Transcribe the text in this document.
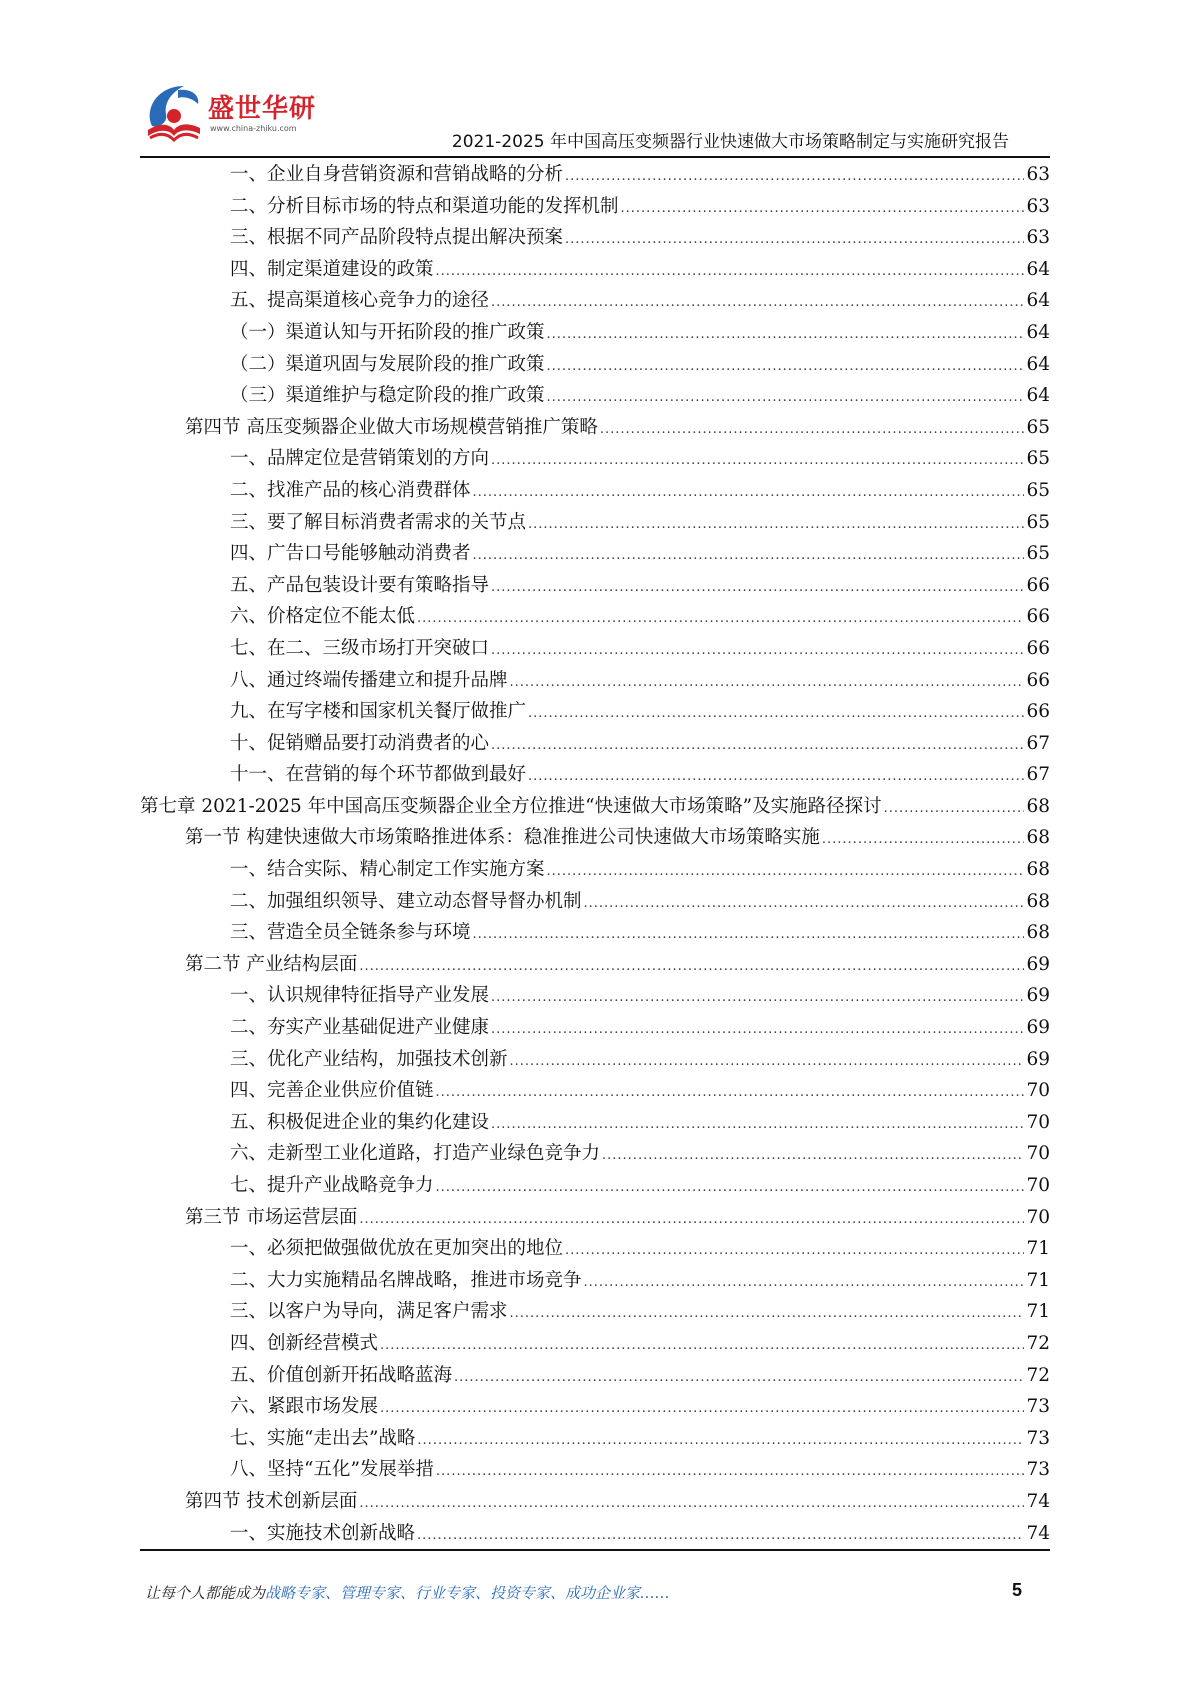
盛世华研
www.china-zhiku.com
2021-2025 年中国高压变频器行业快速做大市场策略制定与实施研究报告
一、企业自身营销资源和营销战略的分析 .....	63
二、分析目标市场的特点和渠道功能的发挥机制 .....	63
三、根据不同产品阶段特点提出解决预案 .....	63
四、制定渠道建设的政策 .....	64
五、提高渠道核心竞争力的途径 .....	64
（一）渠道认知与开拓阶段的推广政策 .....	64
（二）渠道巩固与发展阶段的推广政策 .....	64
（三）渠道维护与稳定阶段的推广政策 .....	64
第四节 高压变频器企业做大市场规模营销推广策略 .....	65
一、品牌定位是营销策划的方向 .....	65
二、找准产品的核心消费群体 .....	65
三、要了解目标消费者需求的关节点 .....	65
四、广告口号能够触动消费者 .....	65
五、产品包装设计要有策略指导 .....	66
六、价格定位不能太低 .....	66
七、在二、三级市场打开突破口 .....	66
八、通过终端传播建立和提升品牌 .....	66
九、在写字楼和国家机关餐厅做推广 .....	66
十、促销赠品要打动消费者的心 .....	67
十一、在营销的每个环节都做到最好 .....	67
第七章 2021-2025 年中国高压变频器企业全方位推进“快速做大市场策略”及实施路径探讨 .....	68
第一节 构建快速做大市场策略推进体系：稳准推进公司快速做大市场策略实施 .....	68
一、结合实际、精心制定工作实施方案 .....	68
二、加强组织领导、建立动态督导督办机制 .....	68
三、营造全员全链条参与环境 .....	68
第二节 产业结构层面 .....	69
一、认识规律特征指导产业发展 .....	69
二、夯实产业基础促进产业健康 .....	69
三、优化产业结构，加强技术创新 .....	69
四、完善企业供应价值链 .....	70
五、积极促进企业的集约化建设 .....	70
六、走新型工业化道路，打造产业绿色竞争力 .....	70
七、提升产业战略竞争力 .....	70
第三节 市场运营层面 .....	70
一、必须把做强做优放在更加突出的地位 .....	71
二、大力实施精品名牌战略，推进市场竞争 .....	71
三、以客户为导向，满足客户需求 .....	71
四、创新经营模式 .....	72
五、价值创新开拓战略蓝海 .....	72
六、紧跟市场发展 .....	73
七、实施“走出去”战略 .....	73
八、坚持“五化”发展举措 .....	73
第四节 技术创新层面 .....	74
一、实施技术创新战略 .....	74
让每个人都能成为战略专家、管理专家、行业专家、投资专家、成功企业家……	5
